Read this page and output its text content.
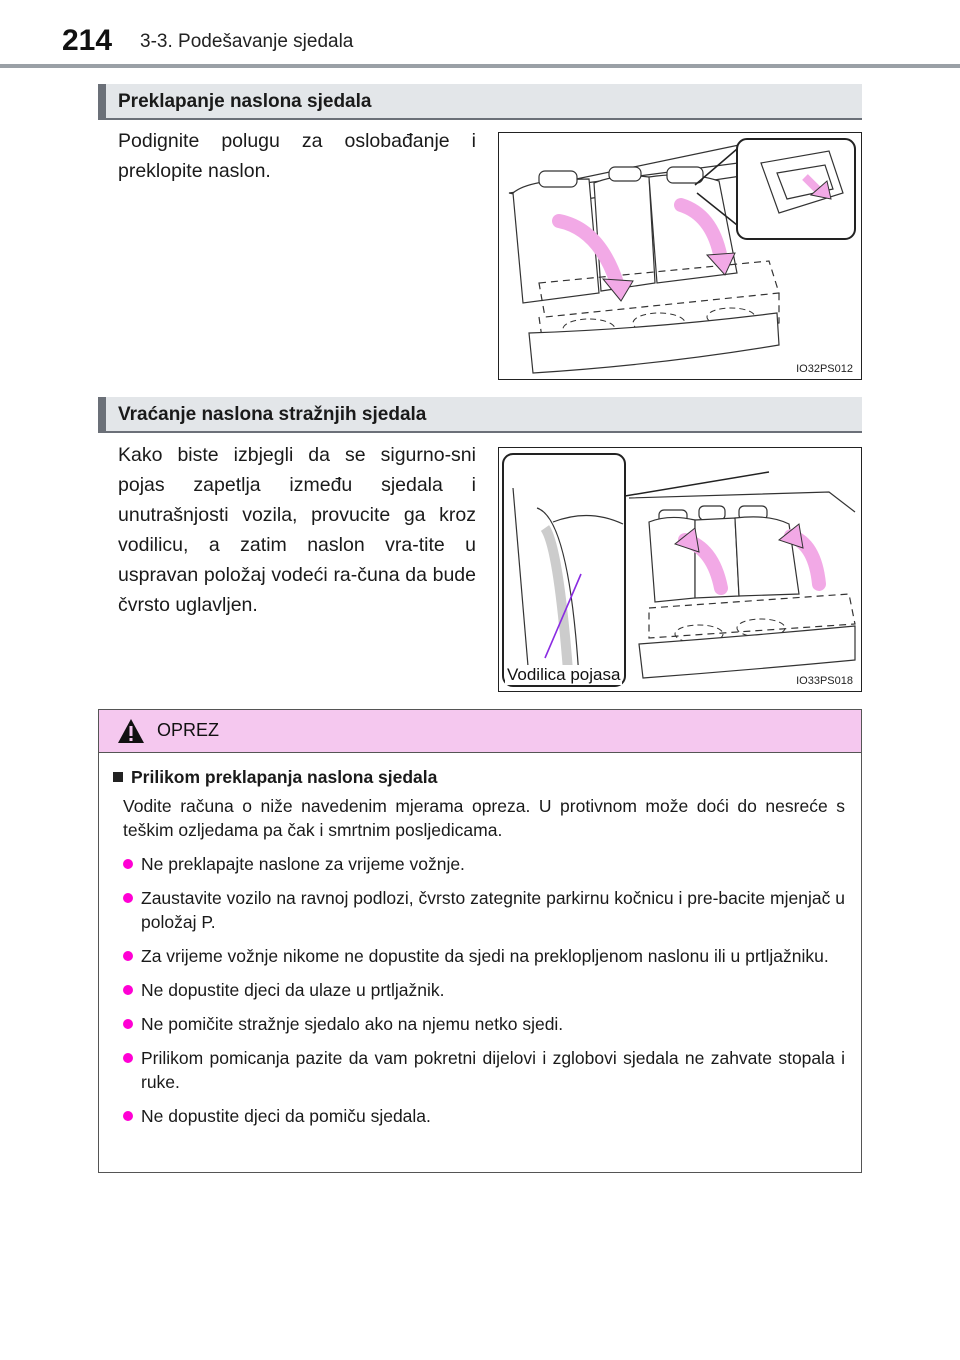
214 3-3. Podešavanje sjedala
Preklapanje naslona sjedala

Podignite polugu za oslobađanje i preklopite naslon.

IO32PS012
Vraćanje naslona stražnjih sjedala

Kako biste izbjegli da se sigurno-sni pojas zapetlja između sjedala i unutrašnjosti vozila, provucite ga kroz vodilicu, a zatim naslon vra-tite u uspravan položaj vodeći ra-čuna da bude čvrsto uglavljen.

Vodilica pojasa	IO33PS018
OPREZ
Prilikom preklapanja naslona sjedala

Vodite računa o niže navedenim mjerama opreza. U protivnom može doći do nesreće s teškim ozljedama pa čak i smrtnim posljedicama.

Ne preklapajte naslone za vrijeme vožnje.
Zaustavite vozilo na ravnoj podlozi, čvrsto zategnite parkirnu kočnicu i pre-bacite mjenjač u položaj P.
Za vrijeme vožnje nikome ne dopustite da sjedi na preklopljenom naslonu ili u prtljažniku.
Ne dopustite djeci da ulaze u prtljažnik.
Ne pomičite stražnje sjedalo ako na njemu netko sjedi.
Prilikom pomicanja pazite da vam pokretni dijelovi i zglobovi sjedala ne zahvate stopala i ruke.
Ne dopustite djeci da pomiču sjedala.
